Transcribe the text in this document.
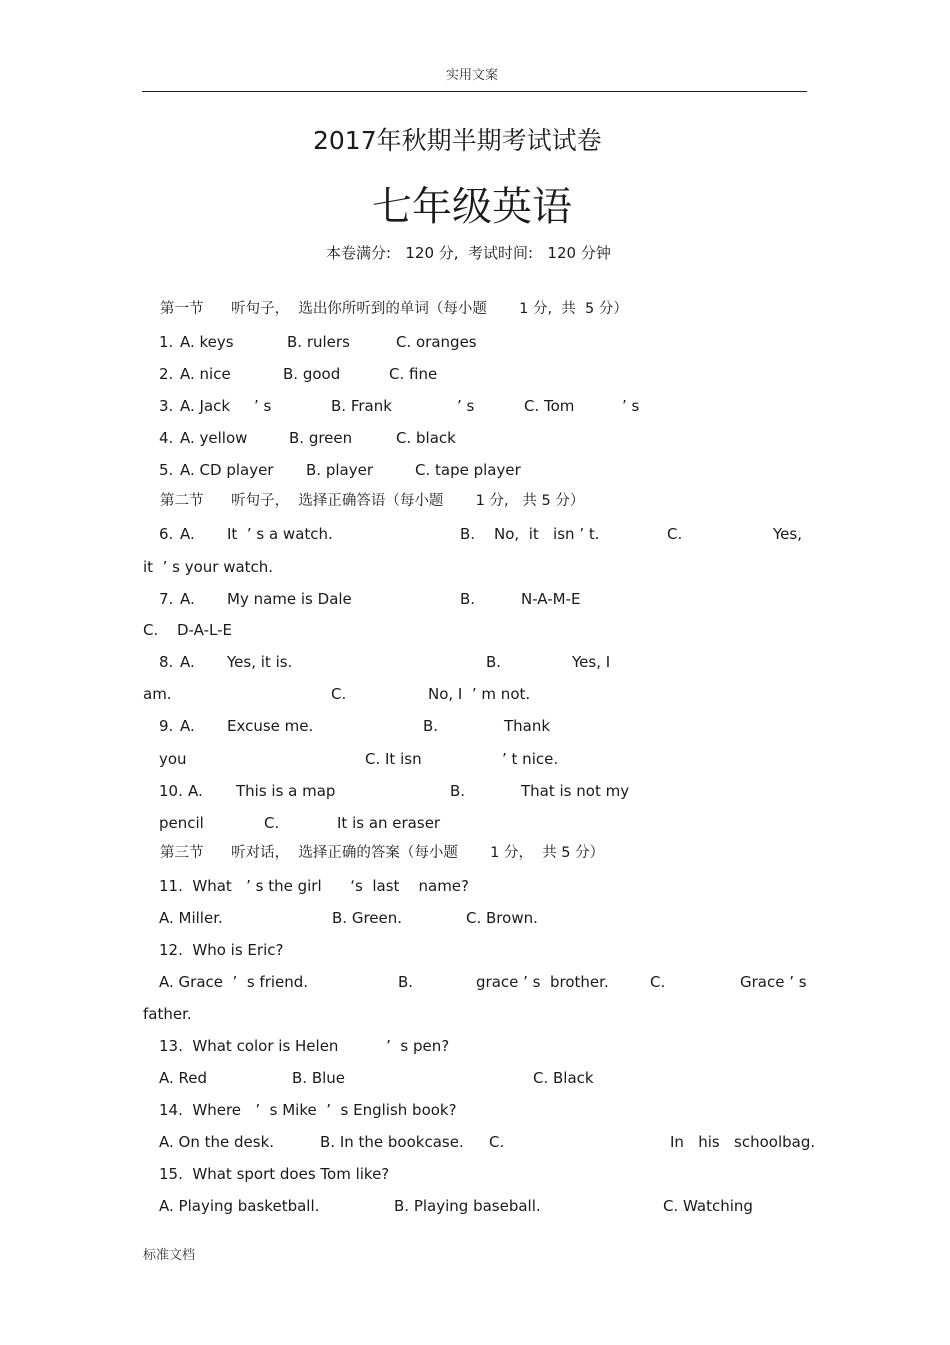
实用文案
2017年秋期半期考试试卷
七年级英语
本卷满分:   120 分,  考试时间:   120 分钟
第一节      听句子，  选出你所听到的单词（每小题       1 分,  共  5 分）
1. A. keys	B. rulers	C. oranges
2. A. nice	B. good	C. fine
3. A. Jack ’ s	B. Frank	’ s	C. Tom	’ s
4. A. yellow	B. green	C. black
5. A. CD player B. player	C. tape player
第二节      听句子，  选择正确答语（每小题       1 分,   共 5 分）
6. A. It  ’ s a watch.	B. No,  it   isn ’ t.	C.	Yes,
it  ’ s your watch.
7. A. My name is Dale	B.	N-A-M-E
C. D-A-L-E
8. A. Yes, it is.	B.	Yes, I
am.	C.	No, I  ’ m not.
9. A. Excuse me.	B.	Thank
you	C. It isn	’ t nice.
10. A. This is a map	B.	That is not my
pencil	C.	It is an eraser
第三节      听对话，  选择正确的答案（每小题       1 分，  共 5 分）
11.  What   ’ s the girl      ‘s  last    name?
A. Miller.	B. Green.	C. Brown.
12.  Who is Eric?
A. Grace  ’  s friend.	B.	grace ’ s  brother.	C.	Grace ’ s
father.
13.  What color is Helen          ’  s pen?
A. Red	B. Blue	C. Black
14.  Where   ’  s Mike  ’  s English book?
A. On the desk.	B. In the bookcase. C.	In   his   schoolbag.
15.  What sport does Tom like?
A. Playing basketball.	B. Playing baseball.	C. Watching
标准文档
